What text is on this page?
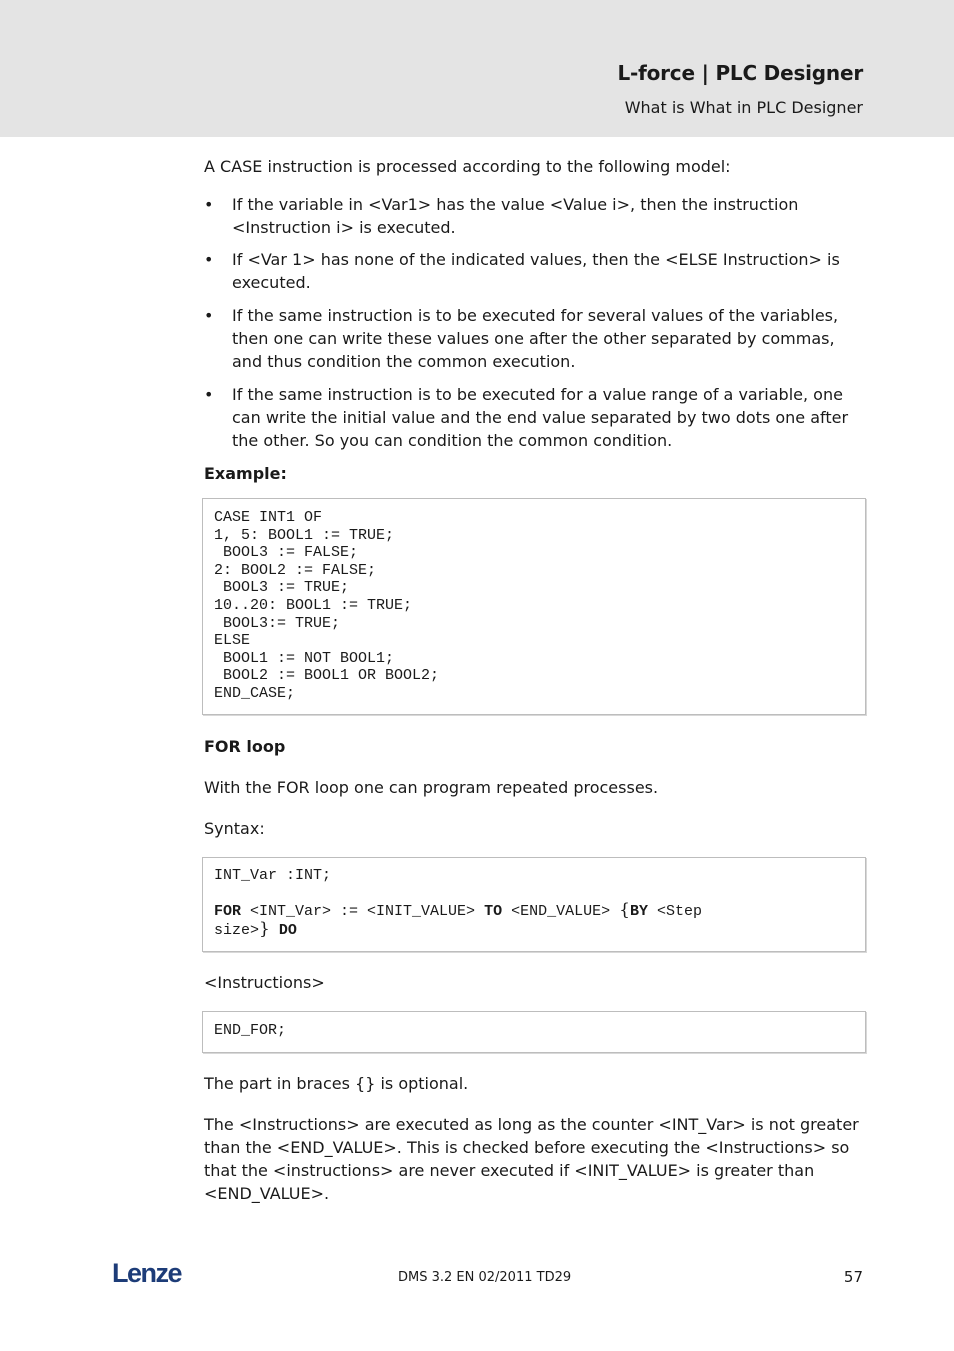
L-force | PLC Designer
What is What in PLC Designer
A CASE instruction is processed according to the following model:
• If the variable in <Var1> has the value <Value i>, then the instruction <Instruction i> is executed.
• If <Var 1> has none of the indicated values, then the <ELSE Instruction> is executed.
• If the same instruction is to be executed for several values of the variables, then one can write these values one after the other separated by commas, and thus condition the common execution.
• If the same instruction is to be executed for a value range of a variable, one can write the initial value and the end value separated by two dots one after the other. So you can condition the common condition.
Example:
CASE INT1 OF
1, 5: BOOL1 := TRUE;
BOOL3 := FALSE;
2: BOOL2 := FALSE;
BOOL3 := TRUE;
10..20: BOOL1 := TRUE;
BOOL3:= TRUE;
ELSE
BOOL1 := NOT BOOL1;
BOOL2 := BOOL1 OR BOOL2;
END_CASE;
FOR loop
With the FOR loop one can program repeated processes.
Syntax:
INT_Var :INT;

FOR <INT_Var> := <INIT_VALUE> TO <END_VALUE> {BY <Step
size>} DO
<Instructions>
END_FOR;
The part in braces {} is optional.
The <Instructions> are executed as long as the counter <INT_Var> is not greater than the <END_VALUE>. This is checked before executing the <Instructions> so that the <instructions> are never executed if <INIT_VALUE> is greater than <END_VALUE>.
Lenze	DMS 3.2 EN 02/2011 TD29	57
